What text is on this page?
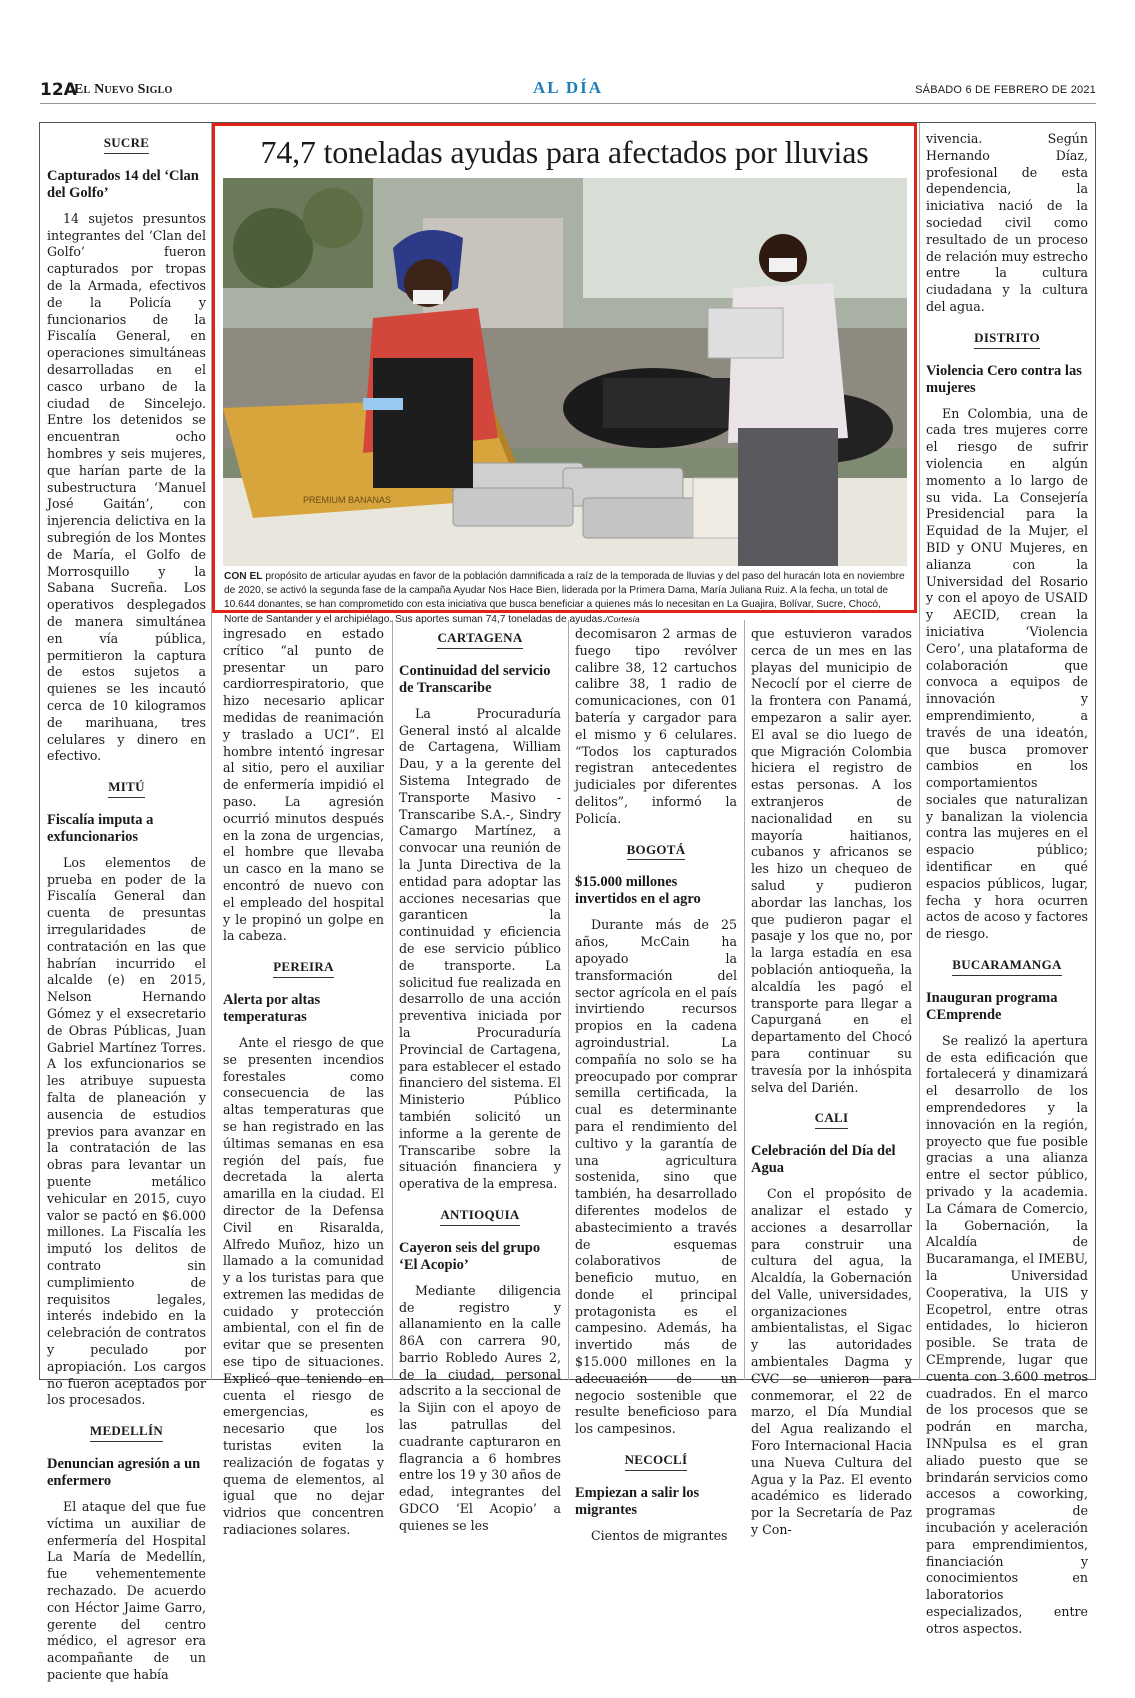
12A
El Nuevo Siglo	AL DÍA	SÁBADO 6 DE FEBRERO DE 2021
74,7 toneladas ayudas para afectados por lluvias
PREMIUM BANANAS
CON EL propósito de articular ayudas en favor de la población damnificada a raíz de la temporada de lluvias y del paso del huracán Iota en noviembre de 2020, se activó la segunda fase de la campaña Ayudar Nos Hace Bien, liderada por la Primera Dama, María Juliana Ruiz. A la fecha, un total de 10.644 donantes, se han comprometido con esta iniciativa que busca beneficiar a quienes más lo necesitan en La Guajira, Bolívar, Sucre, Chocó, Norte de Santander y el archipiélago. Sus aportes suman 74,7 toneladas de ayudas./Cortesía
SUCRE
Capturados 14 del ‘Clan del Golfo’
14 sujetos presuntos integrantes del ‘Clan del Golfo’ fueron capturados por tropas de la Armada, efectivos de la Policía y funcionarios de la Fiscalía General, en operaciones simultáneas desarrolladas en el casco urbano de la ciudad de Sincelejo. Entre los detenidos se encuentran ocho hombres y seis mujeres, que harían parte de la subestructura ‘Manuel José Gaitán’, con injerencia delictiva en la subregión de los Montes de María, el Golfo de Morrosquillo y la Sabana Sucreña. Los operativos desplegados de manera simultánea en vía pública, permitieron la captura de estos sujetos a quienes se les incautó cerca de 10 kilogramos de marihuana, tres celulares y dinero en efectivo.
MITÚ
Fiscalía imputa a exfuncionarios
Los elementos de prueba en poder de la Fiscalía General dan cuenta de presuntas irregularidades de contratación en las que habrían incurrido el alcalde (e) en 2015, Nelson Hernando Gómez y el exsecretario de Obras Públicas, Juan Gabriel Martínez Torres. A los exfuncionarios se les atribuye supuesta falta de planeación y ausencia de estudios previos para avanzar en la contratación de las obras para levantar un puente metálico vehicular en 2015, cuyo valor se pactó en $6.000 millones. La Fiscalía les imputó los delitos de contrato sin cumplimiento de requisitos legales, interés indebido en la celebración de contratos y peculado por apropiación. Los cargos no fueron aceptados por los procesados.
MEDELLÍN
Denuncian agresión a un enfermero
El ataque del que fue víctima un auxiliar de enfermería del Hospital La María de Medellín, fue vehementemente rechazado. De acuerdo con Héctor Jaime Garro, gerente del centro médico, el agresor era acompañante de un paciente que había
ingresado en estado crítico “al punto de presentar un paro cardiorrespiratorio, que hizo necesario aplicar medidas de reanimación y traslado a UCI”. El hombre intentó ingresar al sitio, pero el auxiliar de enfermería impidió el paso. La agresión ocurrió minutos después en la zona de urgencias, el hombre que llevaba un casco en la mano se encontró de nuevo con el empleado del hospital y le propinó un golpe en la cabeza.
PEREIRA
Alerta por altas temperaturas
Ante el riesgo de que se presenten incendios forestales como consecuencia de las altas temperaturas que se han registrado en las últimas semanas en esa región del país, fue decretada la alerta amarilla en la ciudad. El director de la Defensa Civil en Risaralda, Alfredo Muñoz, hizo un llamado a la comunidad y a los turistas para que extremen las medidas de cuidado y protección ambiental, con el fin de evitar que se presenten ese tipo de situaciones. Explicó que teniendo en cuenta el riesgo de emergencias, es necesario que los turistas eviten la realización de fogatas y quema de elementos, al igual que no dejar vidrios que concentren radiaciones solares.
CARTAGENA
Continuidad del servicio de Transcaribe
La Procuraduría General instó al alcalde de Cartagena, William Dau, y a la gerente del Sistema Integrado de Transporte Masivo -Transcaribe S.A.-, Sindry Camargo Martínez, a convocar una reunión de la Junta Directiva de la entidad para adoptar las acciones necesarias que garanticen la continuidad y eficiencia de ese servicio público de transporte. La solicitud fue realizada en desarrollo de una acción preventiva iniciada por la Procuraduría Provincial de Cartagena, para establecer el estado financiero del sistema. El Ministerio Público también solicitó un informe a la gerente de Transcaribe sobre la situación financiera y operativa de la empresa.
ANTIOQUIA
Cayeron seis del grupo ‘El Acopio’
Mediante diligencia de registro y allanamiento en la calle 86A con carrera 90, barrio Robledo Aures 2, de la ciudad, personal adscrito a la seccional de la Sijin con el apoyo de las patrullas del cuadrante capturaron en flagrancia a 6 hombres entre los 19 y 30 años de edad, integrantes del GDCO ‘El Acopio’ a quienes se les
decomisaron 2 armas de fuego tipo revólver calibre 38, 12 cartuchos calibre 38, 1 radio de comunicaciones, con 01 batería y cargador para el mismo y 6 celulares. “Todos los capturados registran antecedentes judiciales por diferentes delitos”, informó la Policía.
BOGOTÁ
$15.000 millones invertidos en el agro
Durante más de 25 años, McCain ha apoyado la transformación del sector agrícola en el país invirtiendo recursos propios en la cadena agroindustrial. La compañía no solo se ha preocupado por comprar semilla certificada, la cual es determinante para el rendimiento del cultivo y la garantía de una agricultura sostenida, sino que también, ha desarrollado diferentes modelos de abastecimiento a través de esquemas colaborativos de beneficio mutuo, en donde el principal protagonista es el campesino. Además, ha invertido más de $15.000 millones en la adecuación de un negocio sostenible que resulte beneficioso para los campesinos.
NECOCLÍ
Empiezan a salir los migrantes
Cientos de migrantes
que estuvieron varados cerca de un mes en las playas del municipio de Necoclí por el cierre de la frontera con Panamá, empezaron a salir ayer. El aval se dio luego de que Migración Colombia hiciera el registro de estas personas. A los extranjeros de nacionalidad en su mayoría haitianos, cubanos y africanos se les hizo un chequeo de salud y pudieron abordar las lanchas, los que pudieron pagar el pasaje y los que no, por la larga estadía en esa población antioqueña, la alcaldía les pagó el transporte para llegar a Capurganá en el departamento del Chocó para continuar su travesía por la inhóspita selva del Darién.
CALI
Celebración del Día del Agua
Con el propósito de analizar el estado y acciones a desarrollar para construir una cultura del agua, la Alcaldía, la Gobernación del Valle, universidades, organizaciones ambientalistas, el Sigac y las autoridades ambientales Dagma y CVC se unieron para conmemorar, el 22 de marzo, el Día Mundial del Agua realizando el Foro Internacional Hacia una Nueva Cultura del Agua y la Paz. El evento académico es liderado por la Secretaría de Paz y Con-
vivencia. Según Hernando Díaz, profesional de esta dependencia, la iniciativa nació de la sociedad civil como resultado de un proceso de relación muy estrecho entre la cultura ciudadana y la cultura del agua.
DISTRITO
Violencia Cero contra las mujeres
En Colombia, una de cada tres mujeres corre el riesgo de sufrir violencia en algún momento a lo largo de su vida. La Consejería Presidencial para la Equidad de la Mujer, el BID y ONU Mujeres, en alianza con la Universidad del Rosario y con el apoyo de USAID y AECID, crean la iniciativa ‘Violencia Cero’, una plataforma de colaboración que convoca a equipos de innovación y emprendimiento, a través de una ideatón, que busca promover cambios en los comportamientos sociales que naturalizan y banalizan la violencia contra las mujeres en el espacio público; identificar en qué espacios públicos, lugar, fecha y hora ocurren actos de acoso y factores de riesgo.
BUCARAMANGA
Inauguran programa CEmprende
Se realizó la apertura de esta edificación que fortalecerá y dinamizará el desarrollo de los emprendedores y la innovación en la región, proyecto que fue posible gracias a una alianza entre el sector público, privado y la academia. La Cámara de Comercio, la Gobernación, la Alcaldía de Bucaramanga, el IMEBU, la Universidad Cooperativa, la UIS y Ecopetrol, entre otras entidades, lo hicieron posible. Se trata de CEmprende, lugar que cuenta con 3.600 metros cuadrados. En el marco de los procesos que se podrán en marcha, INNpulsa es el gran aliado puesto que se brindarán servicios como accesos a coworking, programas de incubación y aceleración para emprendimientos, financiación y conocimientos en laboratorios especializados, entre otros aspectos.
